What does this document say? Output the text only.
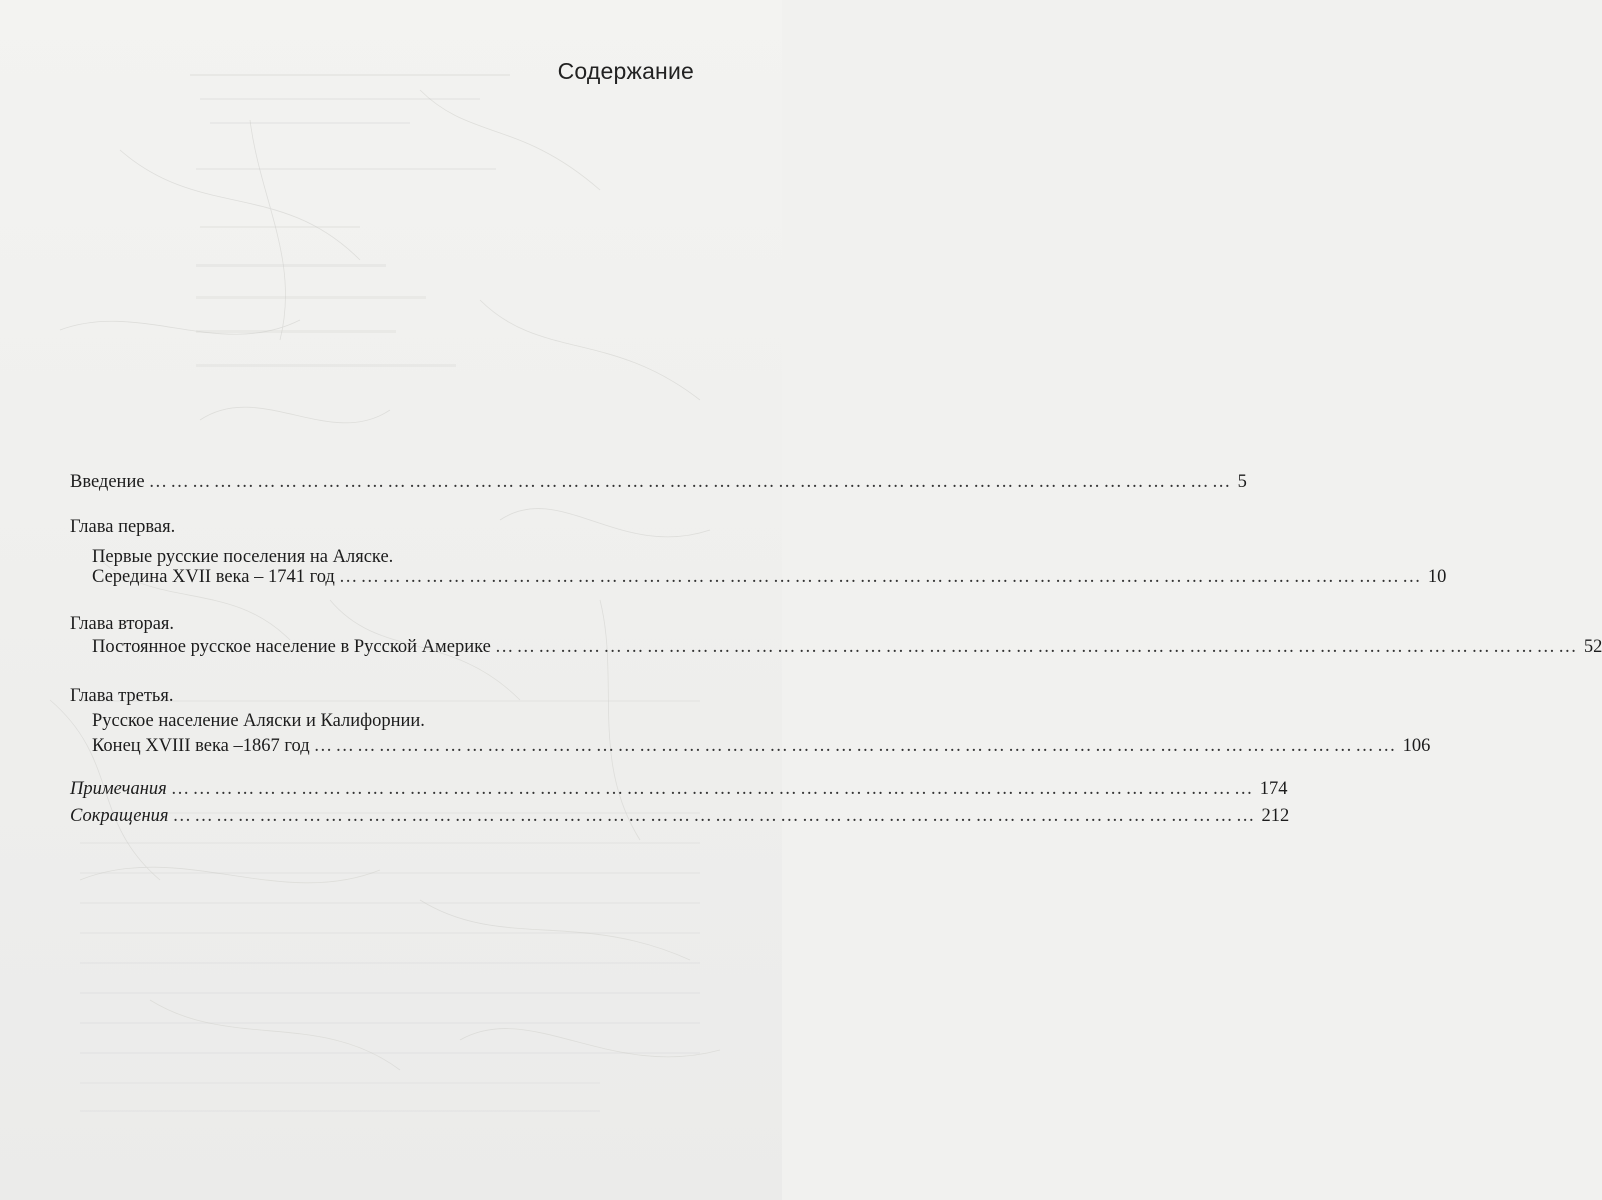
Содержание
Введение …………………………………………………………………………………………………………………………………… 5
Глава первая.
Первые русские поселения на Аляске.
Середина XVII века – 1741 год …………………………………………………………………………………………………………………………………… 10
Глава вторая.
Постоянное русское население в Русской Америке …………………………………………………………………………………………………………………………………… 52
Глава третья.
Русское население Аляски и Калифорнии.
Конец XVIII века –1867 год …………………………………………………………………………………………………………………………………… 106
Примечания …………………………………………………………………………………………………………………………………… 174
Сокращения …………………………………………………………………………………………………………………………………… 212
